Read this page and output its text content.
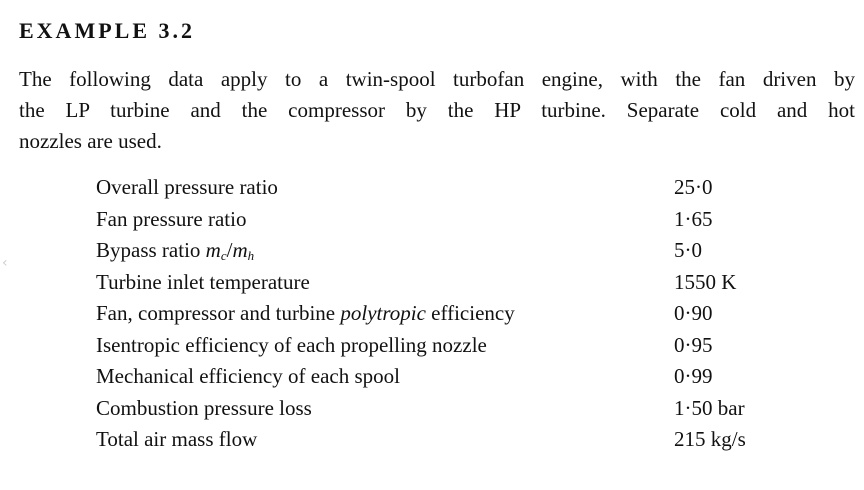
EXAMPLE 3.2
The following data apply to a twin-spool turbofan engine, with the fan driven by
the LP turbine and the compressor by the HP turbine. Separate cold and hot
nozzles are used.
Overall pressure ratio	25·0
Fan pressure ratio	1·65
Bypass ratio $m_c/m_h$	5·0
Turbine inlet temperature	1550 K
Fan, compressor and turbine polytropic efficiency	0·90
Isentropic efficiency of each propelling nozzle	0·95
Mechanical efficiency of each spool	0·99
Combustion pressure loss	1·50 bar
Total air mass flow	215 kg/s
‹
